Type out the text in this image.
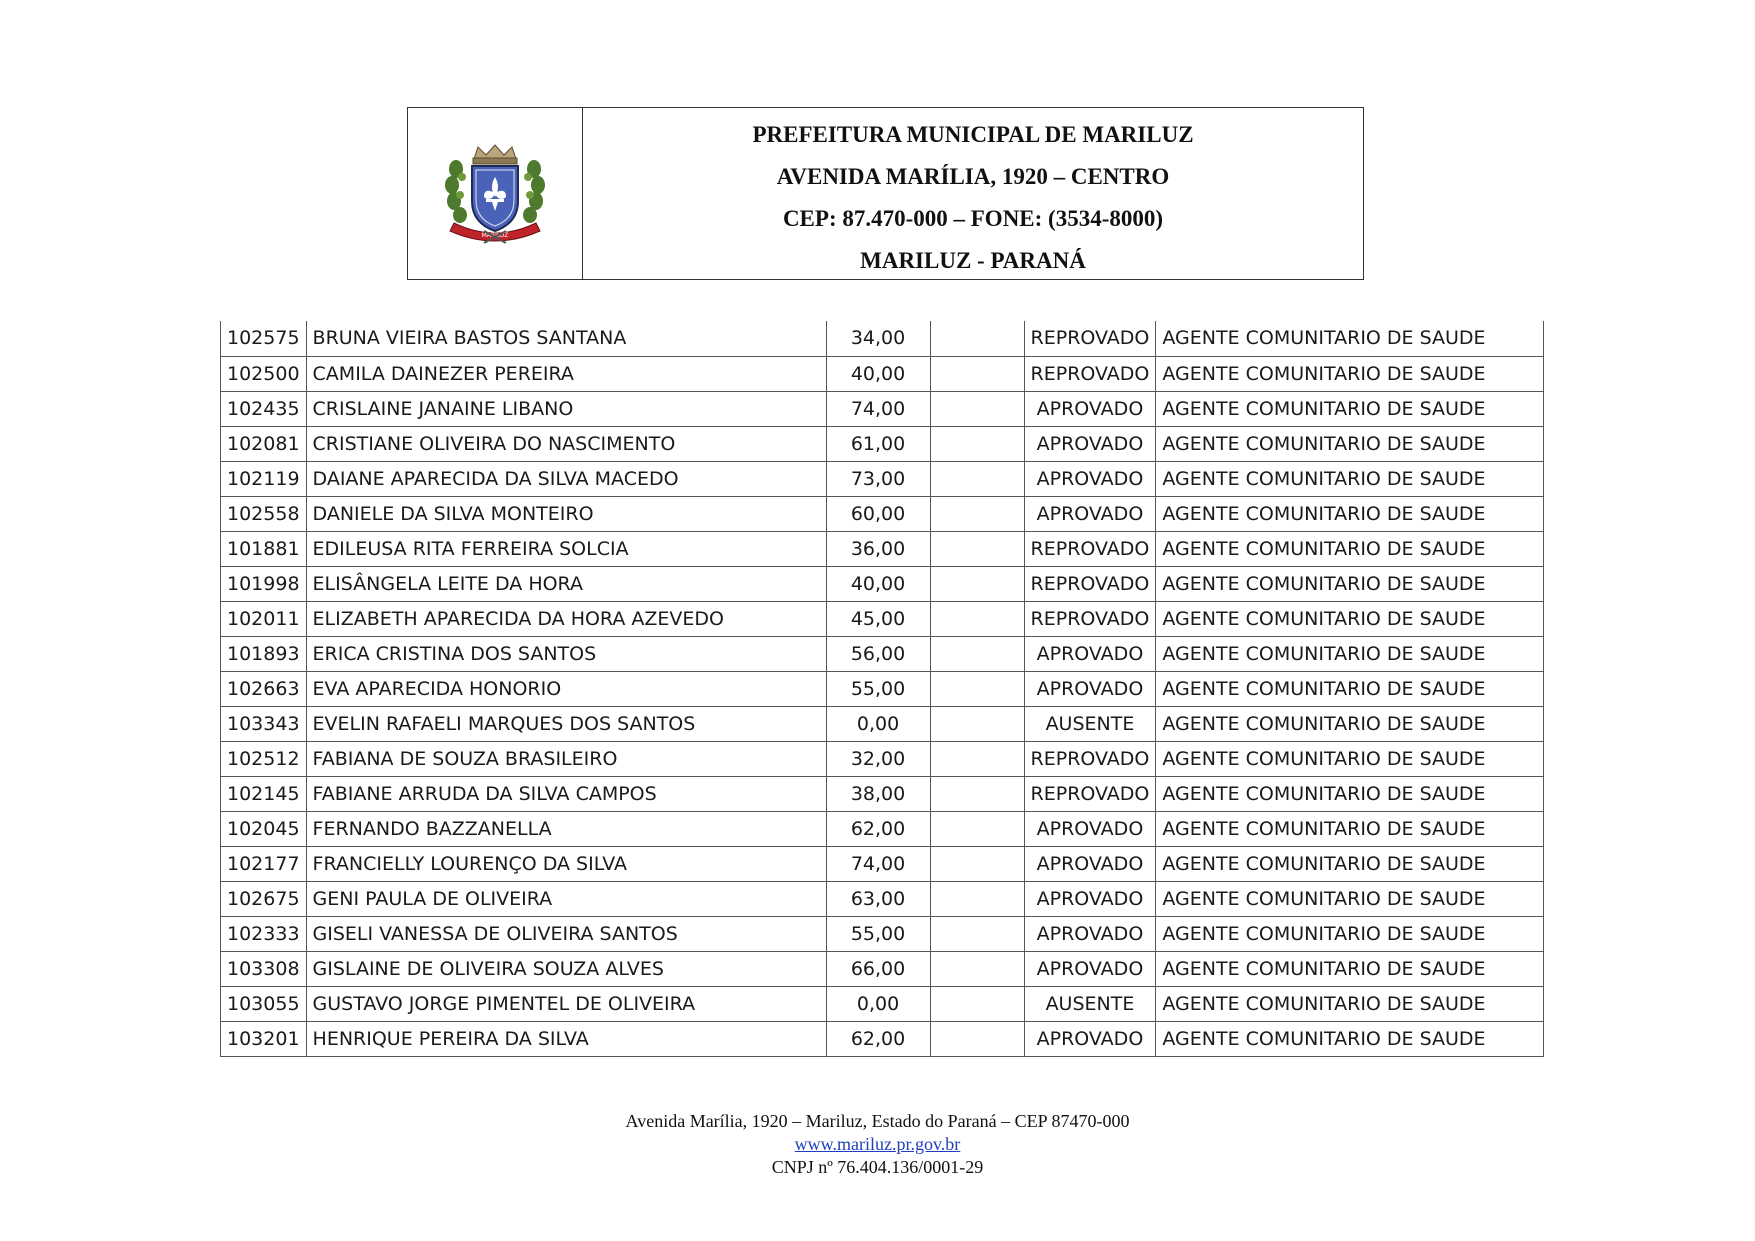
MARILUZ
PREFEITURA MUNICIPAL DE MARILUZ
AVENIDA MARÍLIA, 1920 – CENTRO
CEP: 87.470-000 – FONE: (3534-8000)
MARILUZ - PARANÁ
102575	BRUNA VIEIRA BASTOS SANTANA	34,00		REPROVADO	AGENTE COMUNITARIO DE SAUDE
102500	CAMILA DAINEZER PEREIRA	40,00		REPROVADO	AGENTE COMUNITARIO DE SAUDE
102435	CRISLAINE JANAINE LIBANO	74,00		APROVADO	AGENTE COMUNITARIO DE SAUDE
102081	CRISTIANE OLIVEIRA DO NASCIMENTO	61,00		APROVADO	AGENTE COMUNITARIO DE SAUDE
102119	DAIANE APARECIDA DA SILVA MACEDO	73,00		APROVADO	AGENTE COMUNITARIO DE SAUDE
102558	DANIELE DA SILVA MONTEIRO	60,00		APROVADO	AGENTE COMUNITARIO DE SAUDE
101881	EDILEUSA RITA FERREIRA SOLCIA	36,00		REPROVADO	AGENTE COMUNITARIO DE SAUDE
101998	ELISÂNGELA LEITE DA HORA	40,00		REPROVADO	AGENTE COMUNITARIO DE SAUDE
102011	ELIZABETH APARECIDA DA HORA AZEVEDO	45,00		REPROVADO	AGENTE COMUNITARIO DE SAUDE
101893	ERICA CRISTINA DOS SANTOS	56,00		APROVADO	AGENTE COMUNITARIO DE SAUDE
102663	EVA APARECIDA HONORIO	55,00		APROVADO	AGENTE COMUNITARIO DE SAUDE
103343	EVELIN RAFAELI MARQUES DOS SANTOS	0,00		AUSENTE	AGENTE COMUNITARIO DE SAUDE
102512	FABIANA DE SOUZA BRASILEIRO	32,00		REPROVADO	AGENTE COMUNITARIO DE SAUDE
102145	FABIANE ARRUDA DA SILVA CAMPOS	38,00		REPROVADO	AGENTE COMUNITARIO DE SAUDE
102045	FERNANDO BAZZANELLA	62,00		APROVADO	AGENTE COMUNITARIO DE SAUDE
102177	FRANCIELLY LOURENÇO DA SILVA	74,00		APROVADO	AGENTE COMUNITARIO DE SAUDE
102675	GENI PAULA DE OLIVEIRA	63,00		APROVADO	AGENTE COMUNITARIO DE SAUDE
102333	GISELI VANESSA DE OLIVEIRA SANTOS	55,00		APROVADO	AGENTE COMUNITARIO DE SAUDE
103308	GISLAINE DE OLIVEIRA SOUZA ALVES	66,00		APROVADO	AGENTE COMUNITARIO DE SAUDE
103055	GUSTAVO JORGE PIMENTEL DE OLIVEIRA	0,00		AUSENTE	AGENTE COMUNITARIO DE SAUDE
103201	HENRIQUE PEREIRA DA SILVA	62,00		APROVADO	AGENTE COMUNITARIO DE SAUDE
Avenida Marília, 1920 – Mariluz, Estado do Paraná – CEP 87470-000
www.mariluz.pr.gov.br
CNPJ nº 76.404.136/0001-29
